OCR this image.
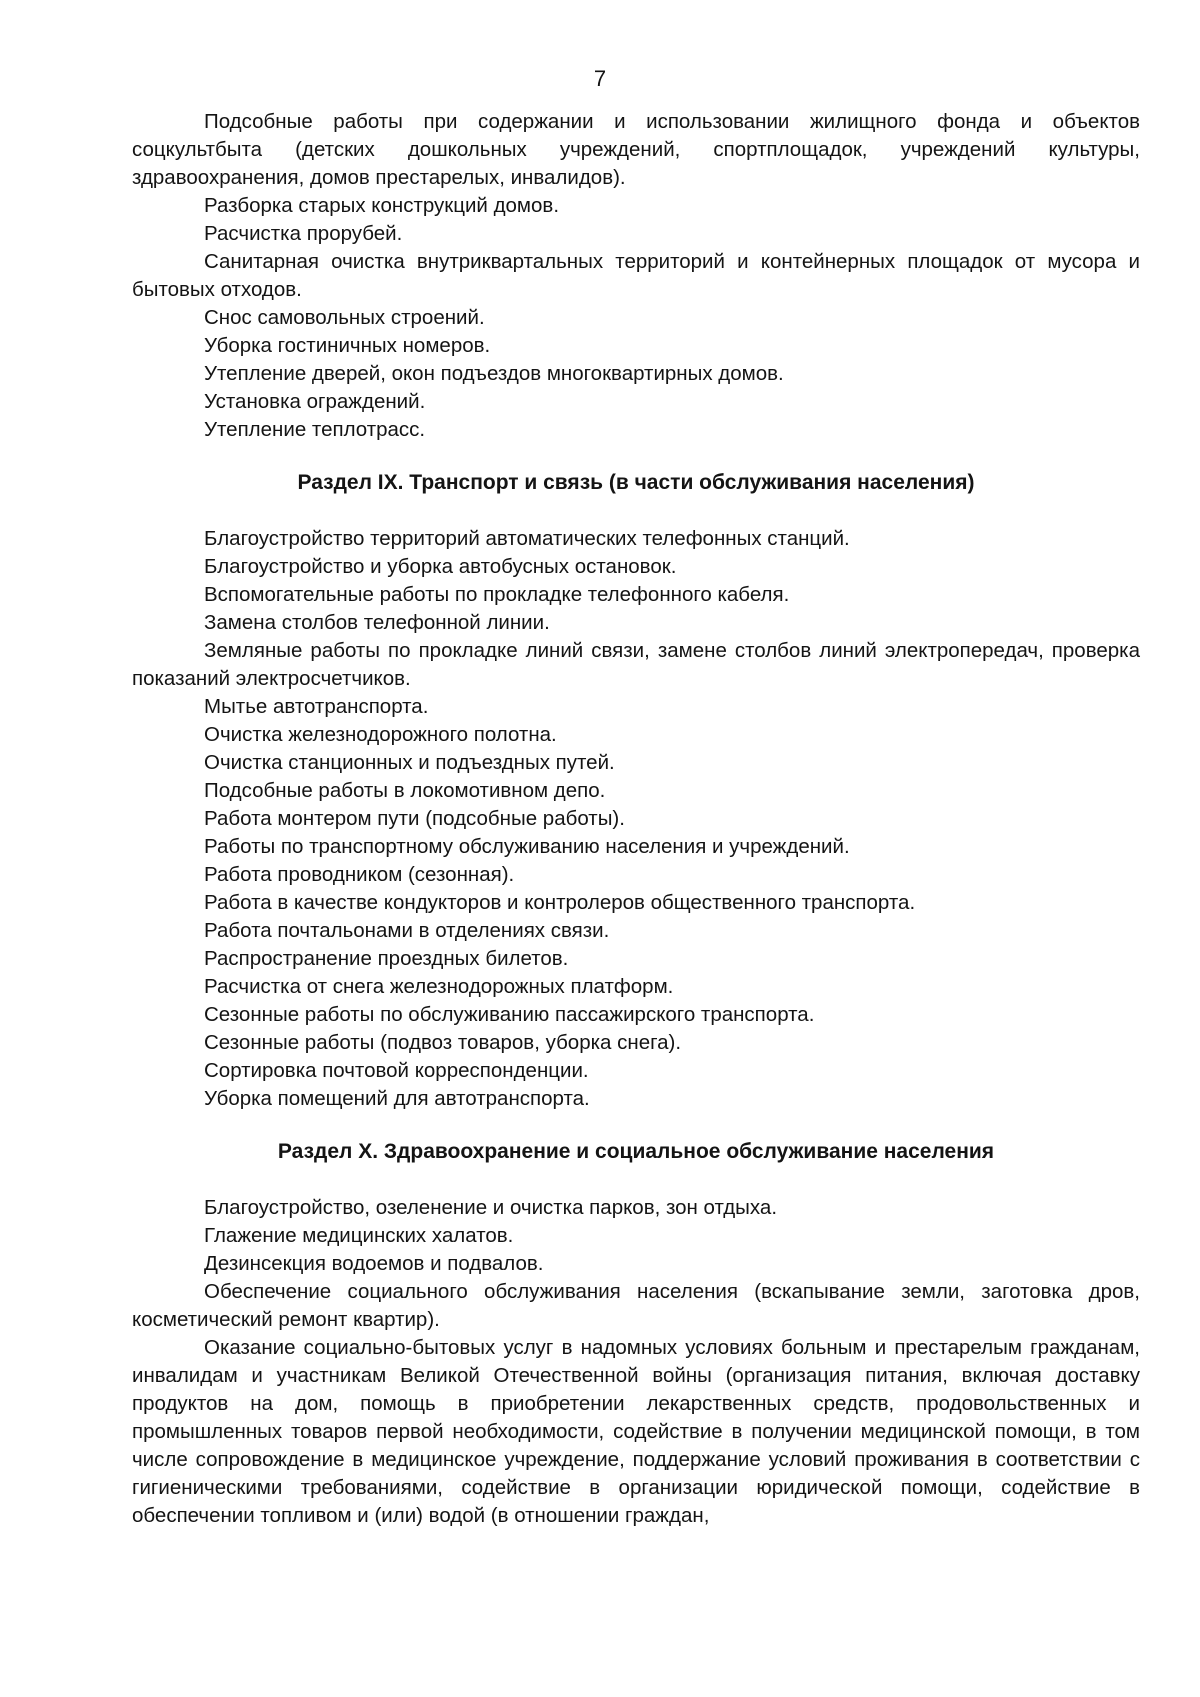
7

Подсобные работы при содержании и использовании жилищного фонда и объектов соцкультбыта (детских дошкольных учреждений, спортплощадок, учреждений культуры, здравоохранения, домов престарелых, инвалидов).

Разборка старых конструкций домов.

Расчистка прорубей.

Санитарная очистка внутриквартальных территорий и контейнерных площадок от мусора и бытовых отходов.

Снос самовольных строений.

Уборка гостиничных номеров.

Утепление дверей, окон подъездов многоквартирных домов.

Установка ограждений.

Утепление теплотрасс.

Раздел IX. Транспорт и связь (в части обслуживания населения)

Благоустройство территорий автоматических телефонных станций.

Благоустройство и уборка автобусных остановок.

Вспомогательные работы по прокладке телефонного кабеля.

Замена столбов телефонной линии.

Земляные работы по прокладке линий связи, замене столбов линий электропередач, проверка показаний электросчетчиков.

Мытье автотранспорта.

Очистка железнодорожного полотна.

Очистка станционных и подъездных путей.

Подсобные работы в локомотивном депо.

Работа монтером пути (подсобные работы).

Работы по транспортному обслуживанию населения и учреждений.

Работа проводником (сезонная).

Работа в качестве кондукторов и контролеров общественного транспорта.

Работа почтальонами в отделениях связи.

Распространение проездных билетов.

Расчистка от снега железнодорожных платформ.

Сезонные работы по обслуживанию пассажирского транспорта.

Сезонные работы (подвоз товаров, уборка снега).

Сортировка почтовой корреспонденции.

Уборка помещений для автотранспорта.

Раздел X. Здравоохранение и социальное обслуживание населения

Благоустройство, озеленение и очистка парков, зон отдыха.

Глажение медицинских халатов.

Дезинсекция водоемов и подвалов.

Обеспечение социального обслуживания населения (вскапывание земли, заготовка дров, косметический ремонт квартир).

Оказание социально-бытовых услуг в надомных условиях больным и престарелым гражданам, инвалидам и участникам Великой Отечественной войны (организация питания, включая доставку продуктов на дом, помощь в приобретении лекарственных средств, продовольственных и промышленных товаров первой необходимости, содействие в получении медицинской помощи, в том числе сопровождение в медицинское учреждение, поддержание условий проживания в соответствии с гигиеническими требованиями, содействие в организации юридической помощи, содействие в обеспечении топливом и (или) водой (в отношении граждан,
